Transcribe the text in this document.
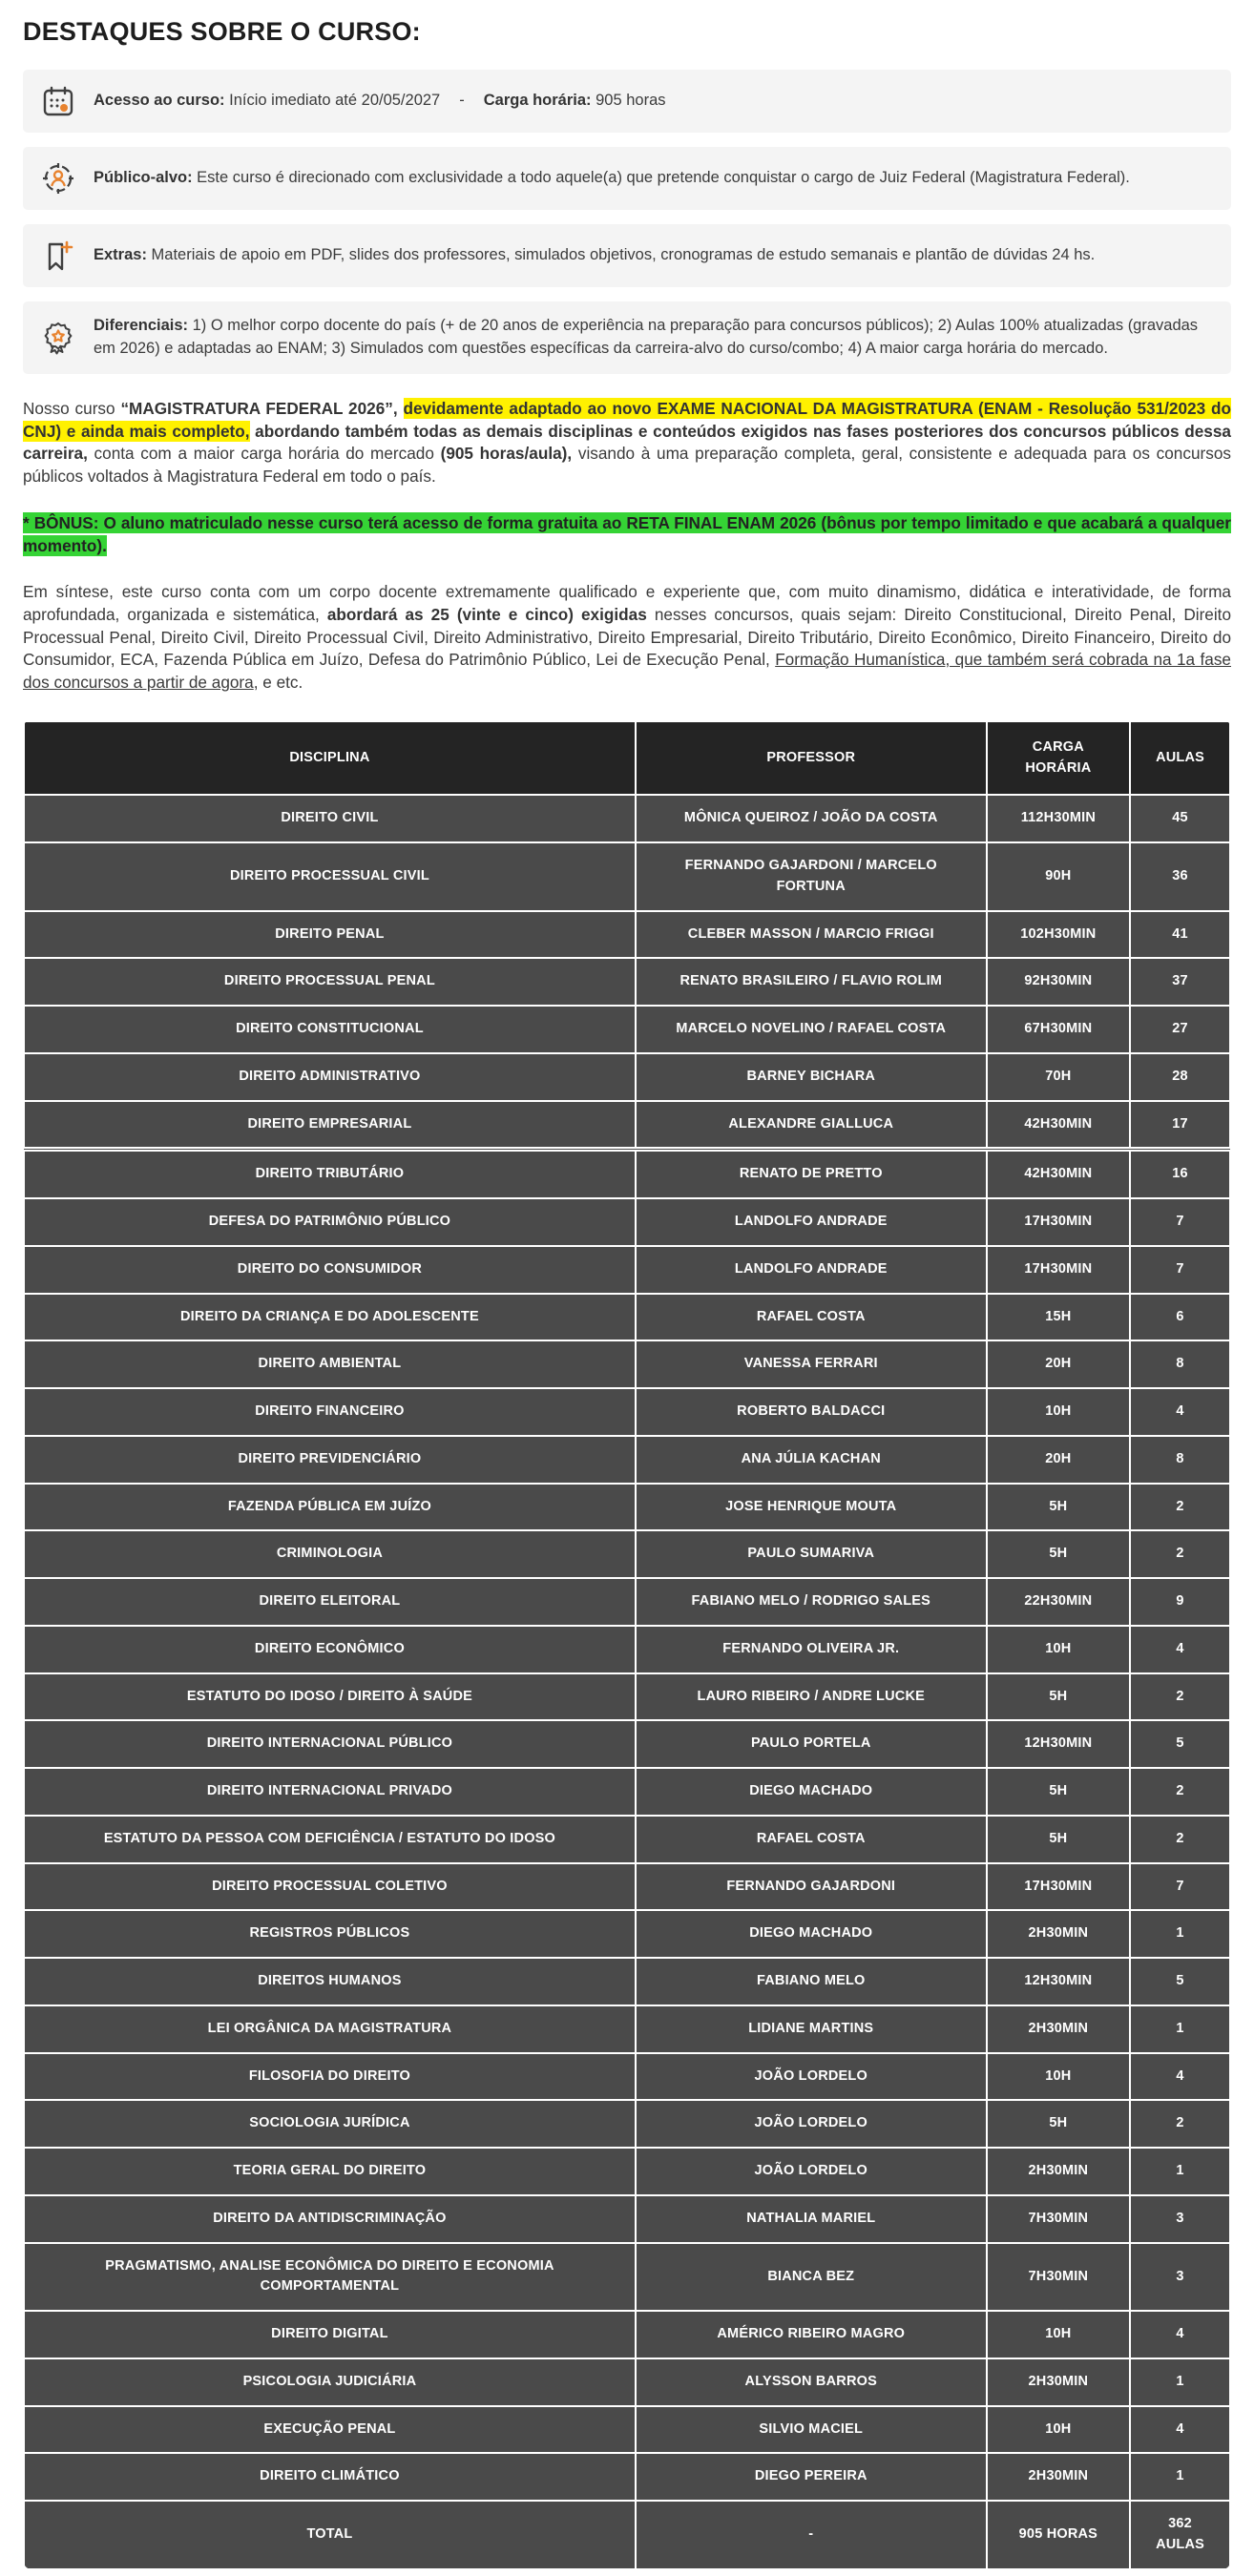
DESTAQUES SOBRE O CURSO:
Acesso ao curso: Início imediato até 20/05/2027 - Carga horária: 905 horas
Público-alvo: Este curso é direcionado com exclusividade a todo aquele(a) que pretende conquistar o cargo de Juiz Federal (Magistratura Federal).
Extras: Materiais de apoio em PDF, slides dos professores, simulados objetivos, cronogramas de estudo semanais e plantão de dúvidas 24 hs.
Diferenciais: 1) O melhor corpo docente do país (+ de 20 anos de experiência na preparação para concursos públicos); 2) Aulas 100% atualizadas (gravadas em 2026) e adaptadas ao ENAM; 3) Simulados com questões específicas da carreira-alvo do curso/combo; 4) A maior carga horária do mercado.

Nosso curso “MAGISTRATURA FEDERAL 2026”, devidamente adaptado ao novo EXAME NACIONAL DA MAGISTRATURA (ENAM - Resolução 531/2023 do CNJ) e ainda mais completo, abordando também todas as demais disciplinas e conteúdos exigidos nas fases posteriores dos concursos públicos dessa carreira, conta com a maior carga horária do mercado (905 horas/aula), visando à uma preparação completa, geral, consistente e adequada para os concursos públicos voltados à Magistratura Federal em todo o país.

* BÔNUS: O aluno matriculado nesse curso terá acesso de forma gratuita ao RETA FINAL ENAM 2026 (bônus por tempo limitado e que acabará a qualquer momento).

Em síntese, este curso conta com um corpo docente extremamente qualificado e experiente que, com muito dinamismo, didática e interatividade, de forma aprofundada, organizada e sistemática, abordará as 25 (vinte e cinco) exigidas nesses concursos, quais sejam: Direito Constitucional, Direito Penal, Direito Processual Penal, Direito Civil, Direito Processual Civil, Direito Administrativo, Direito Empresarial, Direito Tributário, Direito Econômico, Direito Financeiro, Direito do Consumidor, ECA, Fazenda Pública em Juízo, Defesa do Patrimônio Público, Lei de Execução Penal, Formação Humanística, que também será cobrada na 1a fase dos concursos a partir de agora, e etc.

DISCIPLINA	PROFESSOR	CARGA HORÁRIA	AULAS
DIREITO CIVIL	MÔNICA QUEIROZ / JOÃO DA COSTA	112H30MIN	45
DIREITO PROCESSUAL CIVIL	FERNANDO GAJARDONI / MARCELO FORTUNA	90H	36
DIREITO PENAL	CLEBER MASSON / MARCIO FRIGGI	102H30MIN	41
DIREITO PROCESSUAL PENAL	RENATO BRASILEIRO / FLAVIO ROLIM	92H30MIN	37
DIREITO CONSTITUCIONAL	MARCELO NOVELINO / RAFAEL COSTA	67H30MIN	27
DIREITO ADMINISTRATIVO	BARNEY BICHARA	70H	28
DIREITO EMPRESARIAL	ALEXANDRE GIALLUCA	42H30MIN	17

DIREITO TRIBUTÁRIO	RENATO DE PRETTO	42H30MIN	16
DEFESA DO PATRIMÔNIO PÚBLICO	LANDOLFO ANDRADE	17H30MIN	7
DIREITO DO CONSUMIDOR	LANDOLFO ANDRADE	17H30MIN	7
DIREITO DA CRIANÇA E DO ADOLESCENTE	RAFAEL COSTA	15H	6
DIREITO AMBIENTAL	VANESSA FERRARI	20H	8
DIREITO FINANCEIRO	ROBERTO BALDACCI	10H	4
DIREITO PREVIDENCIÁRIO	ANA JÚLIA KACHAN	20H	8
FAZENDA PÚBLICA EM JUÍZO	JOSE HENRIQUE MOUTA	5H	2
CRIMINOLOGIA	PAULO SUMARIVA	5H	2
DIREITO ELEITORAL	FABIANO MELO / RODRIGO SALES	22H30MIN	9
DIREITO ECONÔMICO	FERNANDO OLIVEIRA JR.	10H	4
ESTATUTO DO IDOSO / DIREITO À SAÚDE	LAURO RIBEIRO / ANDRE LUCKE	5H	2
DIREITO INTERNACIONAL PÚBLICO	PAULO PORTELA	12H30MIN	5
DIREITO INTERNACIONAL PRIVADO	DIEGO MACHADO	5H	2
ESTATUTO DA PESSOA COM DEFICIÊNCIA / ESTATUTO DO IDOSO	RAFAEL COSTA	5H	2
DIREITO PROCESSUAL COLETIVO	FERNANDO GAJARDONI	17H30MIN	7
REGISTROS PÚBLICOS	DIEGO MACHADO	2H30MIN	1
DIREITOS HUMANOS	FABIANO MELO	12H30MIN	5
LEI ORGÂNICA DA MAGISTRATURA	LIDIANE MARTINS	2H30MIN	1
FILOSOFIA DO DIREITO	JOÃO LORDELO	10H	4
SOCIOLOGIA JURÍDICA	JOÃO LORDELO	5H	2
TEORIA GERAL DO DIREITO	JOÃO LORDELO	2H30MIN	1
DIREITO DA ANTIDISCRIMINAÇÃO	NATHALIA MARIEL	7H30MIN	3
PRAGMATISMO, ANALISE ECONÔMICA DO DIREITO E ECONOMIA COMPORTAMENTAL	BIANCA BEZ	7H30MIN	3
DIREITO DIGITAL	AMÉRICO RIBEIRO MAGRO	10H	4
PSICOLOGIA JUDICIÁRIA	ALYSSON BARROS	2H30MIN	1
EXECUÇÃO PENAL	SILVIO MACIEL	10H	4
DIREITO CLIMÁTICO	DIEGO PEREIRA	2H30MIN	1
TOTAL	-	905 HORAS	362 AULAS
